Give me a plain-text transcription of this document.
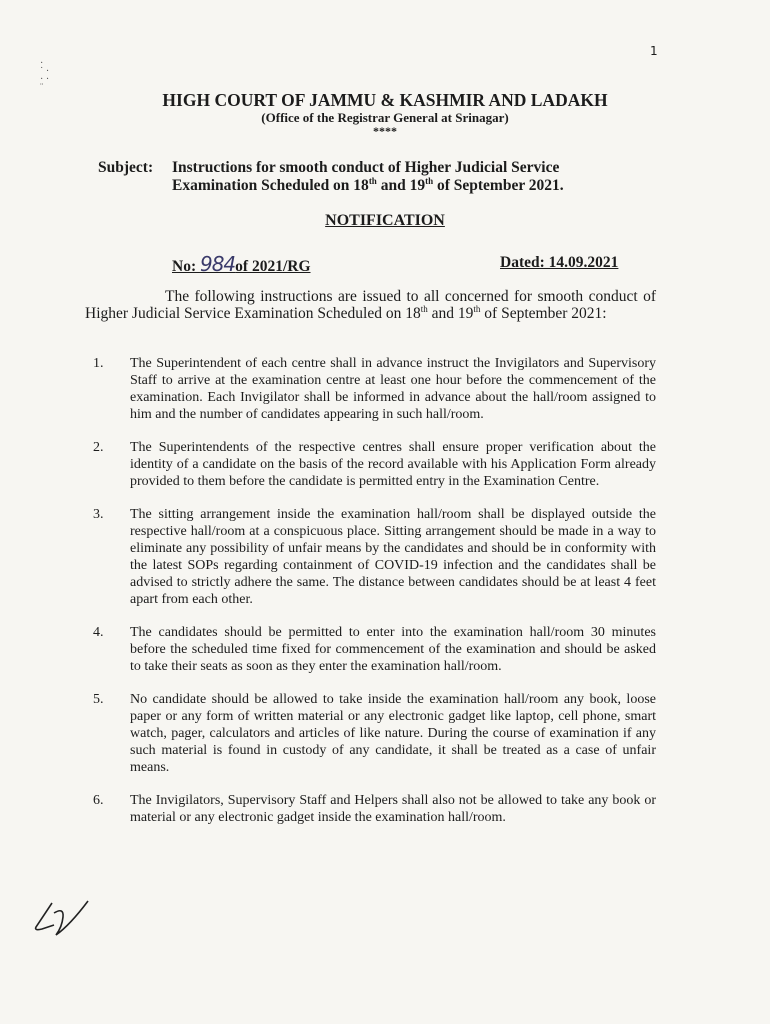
1
·
˙ ·
· ·
¨
HIGH COURT OF JAMMU & KASHMIR AND LADAKH
(Office of the Registrar General at Srinagar)
****
Subject: Instructions for smooth conduct of Higher Judicial Service
Examination Scheduled on 18th and 19th of September 2021.
NOTIFICATION
No: 984of 2021/RG	Dated: 14.09.2021
The following instructions are issued to all concerned for smooth conduct of Higher Judicial Service Examination Scheduled on 18th and 19th of September 2021:
1. The Superintendent of each centre shall in advance instruct the Invigilators and Supervisory Staff to arrive at the examination centre at least one hour before the commencement of the examination. Each Invigilator shall be informed in advance about the hall/room assigned to him and the number of candidates appearing in such hall/room.
2. The Superintendents of the respective centres shall ensure proper verification about the identity of a candidate on the basis of the record available with his Application Form already provided to them before the candidate is permitted entry in the Examination Centre.
3. The sitting arrangement inside the examination hall/room shall be displayed outside the respective hall/room at a conspicuous place. Sitting arrangement should be made in a way to eliminate any possibility of unfair means by the candidates and should be in conformity with the latest SOPs regarding containment of COVID-19 infection and the candidates shall be advised to strictly adhere the same. The distance between candidates should be at least 4 feet apart from each other.
4. The candidates should be permitted to enter into the examination hall/room 30 minutes before the scheduled time fixed for commencement of the examination and should be asked to take their seats as soon as they enter the examination hall/room.
5. No candidate should be allowed to take inside the examination hall/room any book, loose paper or any form of written material or any electronic gadget like laptop, cell phone, smart watch, pager, calculators and articles of like nature. During the course of examination if any such material is found in custody of any candidate, it shall be treated as a case of unfair means.
6. The Invigilators, Supervisory Staff and Helpers shall also not be allowed to take any book or material or any electronic gadget inside the examination hall/room.
